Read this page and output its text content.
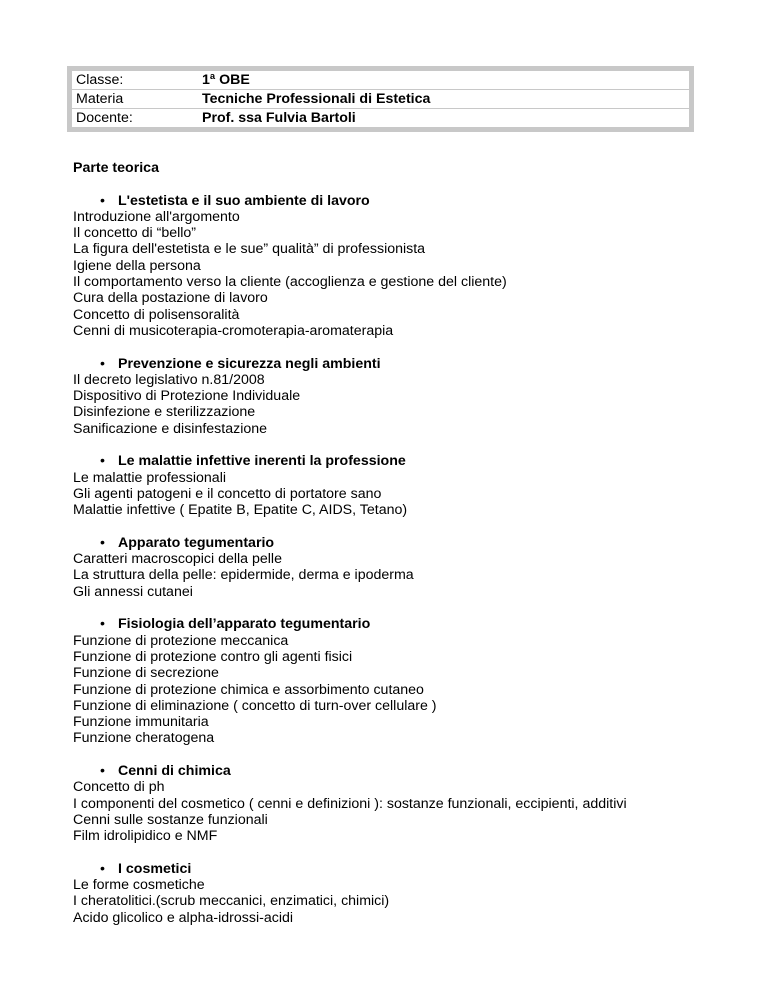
Classe:	1ª OBE
Materia	Tecniche Professionali di Estetica
Docente:	Prof. ssa Fulvia Bartoli
Parte teorica
• L'estetista e il suo ambiente di lavoro
Introduzione all'argomento
Il concetto di “bello”
La figura dell'estetista e le sue” qualità” di professionista
Igiene della persona
Il comportamento verso la cliente (accoglienza e gestione del cliente)
Cura della postazione di lavoro
Concetto di polisensoralità
Cenni di musicoterapia-cromoterapia-aromaterapia
• Prevenzione e sicurezza negli ambienti
Il decreto legislativo n.81/2008
Dispositivo di Protezione Individuale
Disinfezione e sterilizzazione
Sanificazione e disinfestazione
• Le malattie infettive inerenti la professione
Le malattie professionali
Gli agenti patogeni e il concetto di portatore sano
Malattie infettive ( Epatite B, Epatite C, AIDS, Tetano)
• Apparato tegumentario
Caratteri macroscopici della pelle
La struttura della pelle: epidermide, derma e ipoderma
Gli annessi cutanei
• Fisiologia dell’apparato tegumentario
Funzione di protezione meccanica
Funzione di protezione contro gli agenti fisici
Funzione di secrezione
Funzione di protezione chimica e assorbimento cutaneo
Funzione di eliminazione ( concetto di turn-over cellulare )
Funzione immunitaria
Funzione cheratogena
• Cenni di chimica
Concetto di ph
I componenti del cosmetico ( cenni e definizioni ): sostanze funzionali, eccipienti, additivi
Cenni sulle sostanze funzionali
Film idrolipidico e NMF
• I cosmetici
Le forme cosmetiche
I cheratolitici.(scrub meccanici, enzimatici, chimici)
Acido glicolico e alpha-idrossi-acidi
